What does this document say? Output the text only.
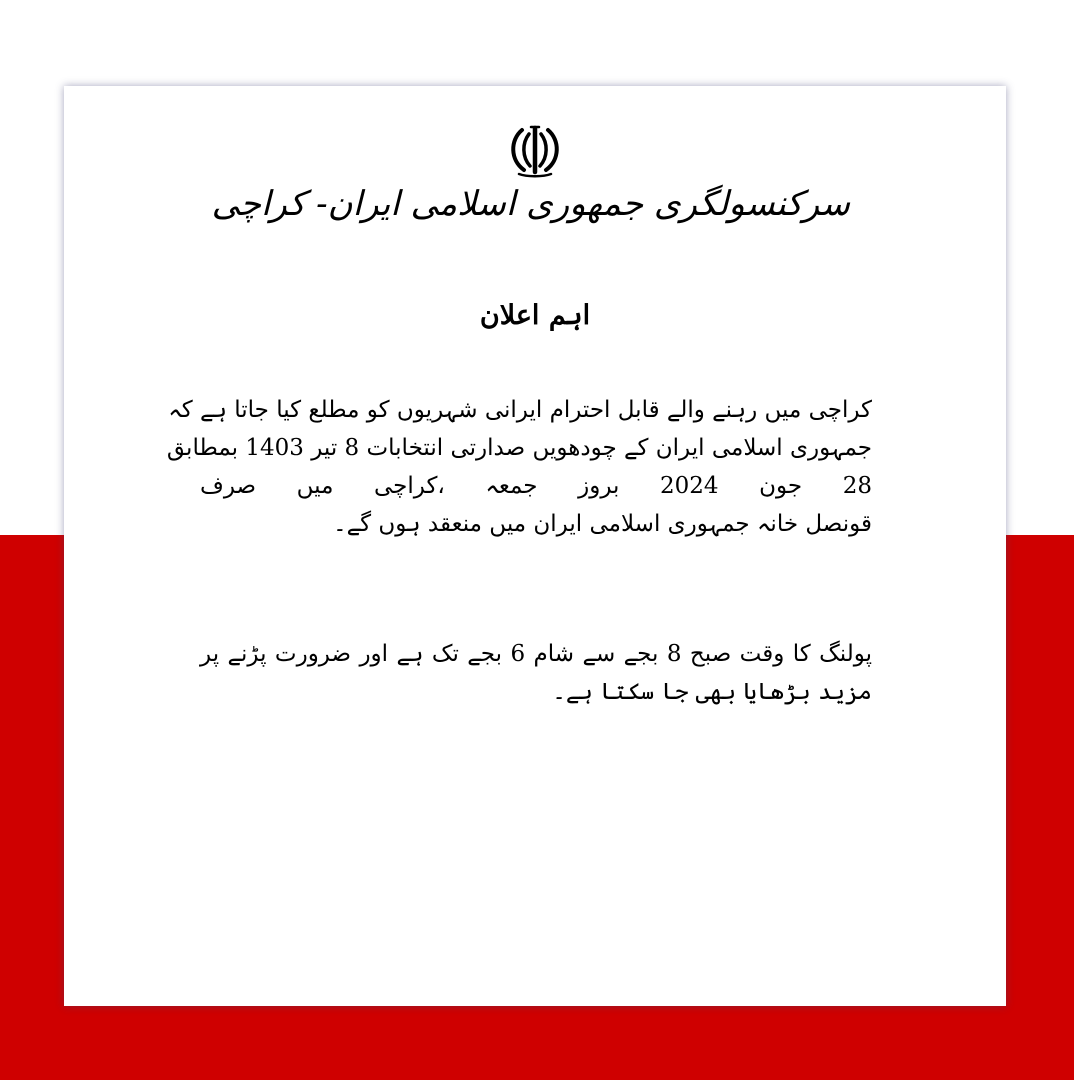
سرکنسولگری جمهوری اسلامی ایران- کراچی
اہم اعلان

کراچی میں رہنے والے قابل احترام ایرانی شہریوں کو مطلع کیا جاتا ہے کہ
جمہوری اسلامی ایران کے چودھویں صدارتی انتخابات 8 تیر 1403 بمطابق
28 جون 2024 بروز جمعہ ،کراچی میں صرف
قونصل خانہ جمہوری اسلامی ایران میں منعقد ہوں گے۔

پولنگ کا وقت صبح 8 بجے سے شام 6 بجے تک ہے اور ضرورت پڑنے پر
مزید بڑھایا بھی جا سکتا ہے۔
